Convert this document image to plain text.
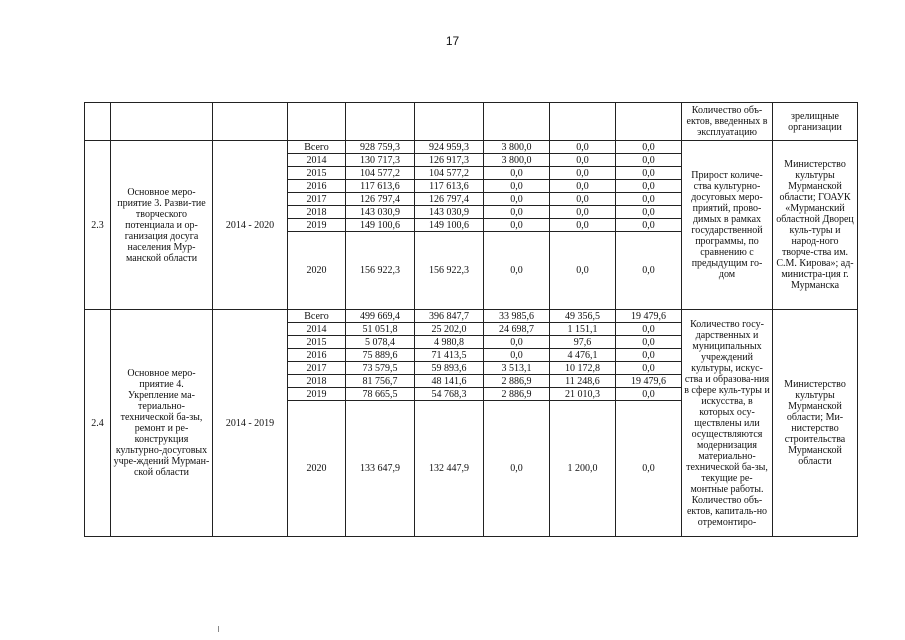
17
									Количество объ-ектов, введенных в эксплуатацию	зрелищные организации
2.3	Основное меро-приятие 3. Разви-тие творческого потенциала и ор-ганизация досуга населения Мур-манской области	2014 - 2020	Всего	928 759,3	924 959,3	3 800,0	0,0	0,0	Прирост количе-ства культурно-досуговых меро-приятий, прово-димых в рамках государственной программы, по сравнению с предыдущим го-дом	Министерство культуры Мурманской области; ГОАУК «Мурманский областной Дворец куль-туры и народ-ного творче-ства им. С.М. Кирова»; ад-министра-ция г. Мурманска
			2014	130 717,3	126 917,3	3 800,0	0,0	0,0		
			2015	104 577,2	104 577,2	0,0	0,0	0,0		
			2016	117 613,6	117 613,6	0,0	0,0	0,0		
			2017	126 797,4	126 797,4	0,0	0,0	0,0		
			2018	143 030,9	143 030,9	0,0	0,0	0,0		
			2019	149 100,6	149 100,6	0,0	0,0	0,0		
			2020	156 922,3	156 922,3	0,0	0,0	0,0		
2.4	Основное меро-приятие 4. Укрепление ма-териально-технической ба-зы, ремонт и ре-конструкция культурно-досуговых учре-ждений Мурман-ской области	2014 - 2019	Всего	499 669,4	396 847,7	33 985,6	49 356,5	19 479,6	Количество госу-дарственных и муниципальных учреждений культуры, искус-ства и образова-ния в сфере куль-туры и искусства, в которых осу-ществлены или осуществляются модернизация материально-технической ба-зы, текущие ре-монтные работы. Количество объ-ектов, капиталь-но отремонтиро-	Министерство культуры Мурманской области; Ми-нистерство строительства Мурманской области
			2014	51 051,8	25 202,0	24 698,7	1 151,1	0,0		
			2015	5 078,4	4 980,8	0,0	97,6	0,0		
			2016	75 889,6	71 413,5	0,0	4 476,1	0,0		
			2017	73 579,5	59 893,6	3 513,1	10 172,8	0,0		
			2018	81 756,7	48 141,6	2 886,9	11 248,6	19 479,6		
			2019	78 665,5	54 768,3	2 886,9	21 010,3	0,0		
			2020	133 647,9	132 447,9	0,0	1 200,0	0,0		
